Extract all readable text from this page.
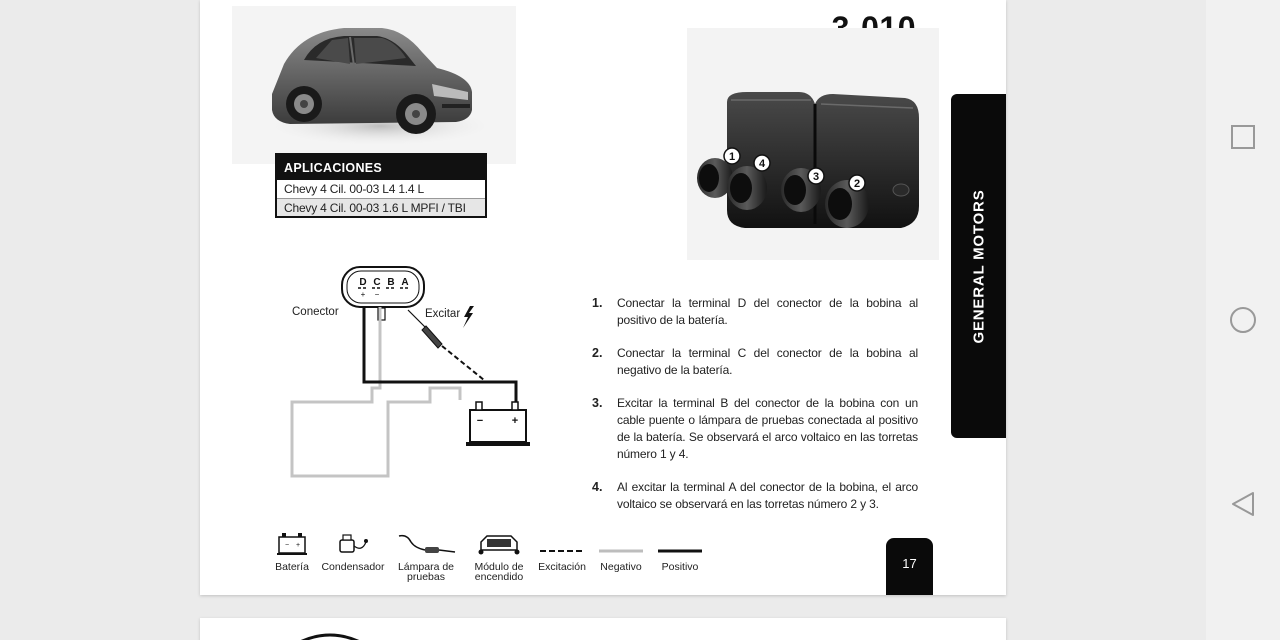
APLICACIONES
Chevy 4 Cil. 00-03 L4 1.4 L
Chevy 4 Cil. 00-03 1.6 L MPFI / TBI
1
4
3
2
D C B A
+ −
−	+
Conector	Excitar
1.	Conectar la terminal D del conector de la bobina al positivo de la batería.
2.	Conectar la terminal C del conector de la bobina al negativo de la batería.
3.	Excitar la terminal B del conector de la bobina con un cable puente o lámpara de pruebas conectada al positivo de la batería. Se observará el arco voltaico en las torretas número 1 y 4.
4.	Al excitar la terminal A del conector de la bobina, el arco voltaico se observará en las torretas número 2 y 3.
GENERAL MOTORS
− +
Batería	Condensador	Lámpara de
pruebas
Módulo de
encendido
Excitación	Negativo	Positivo	17
